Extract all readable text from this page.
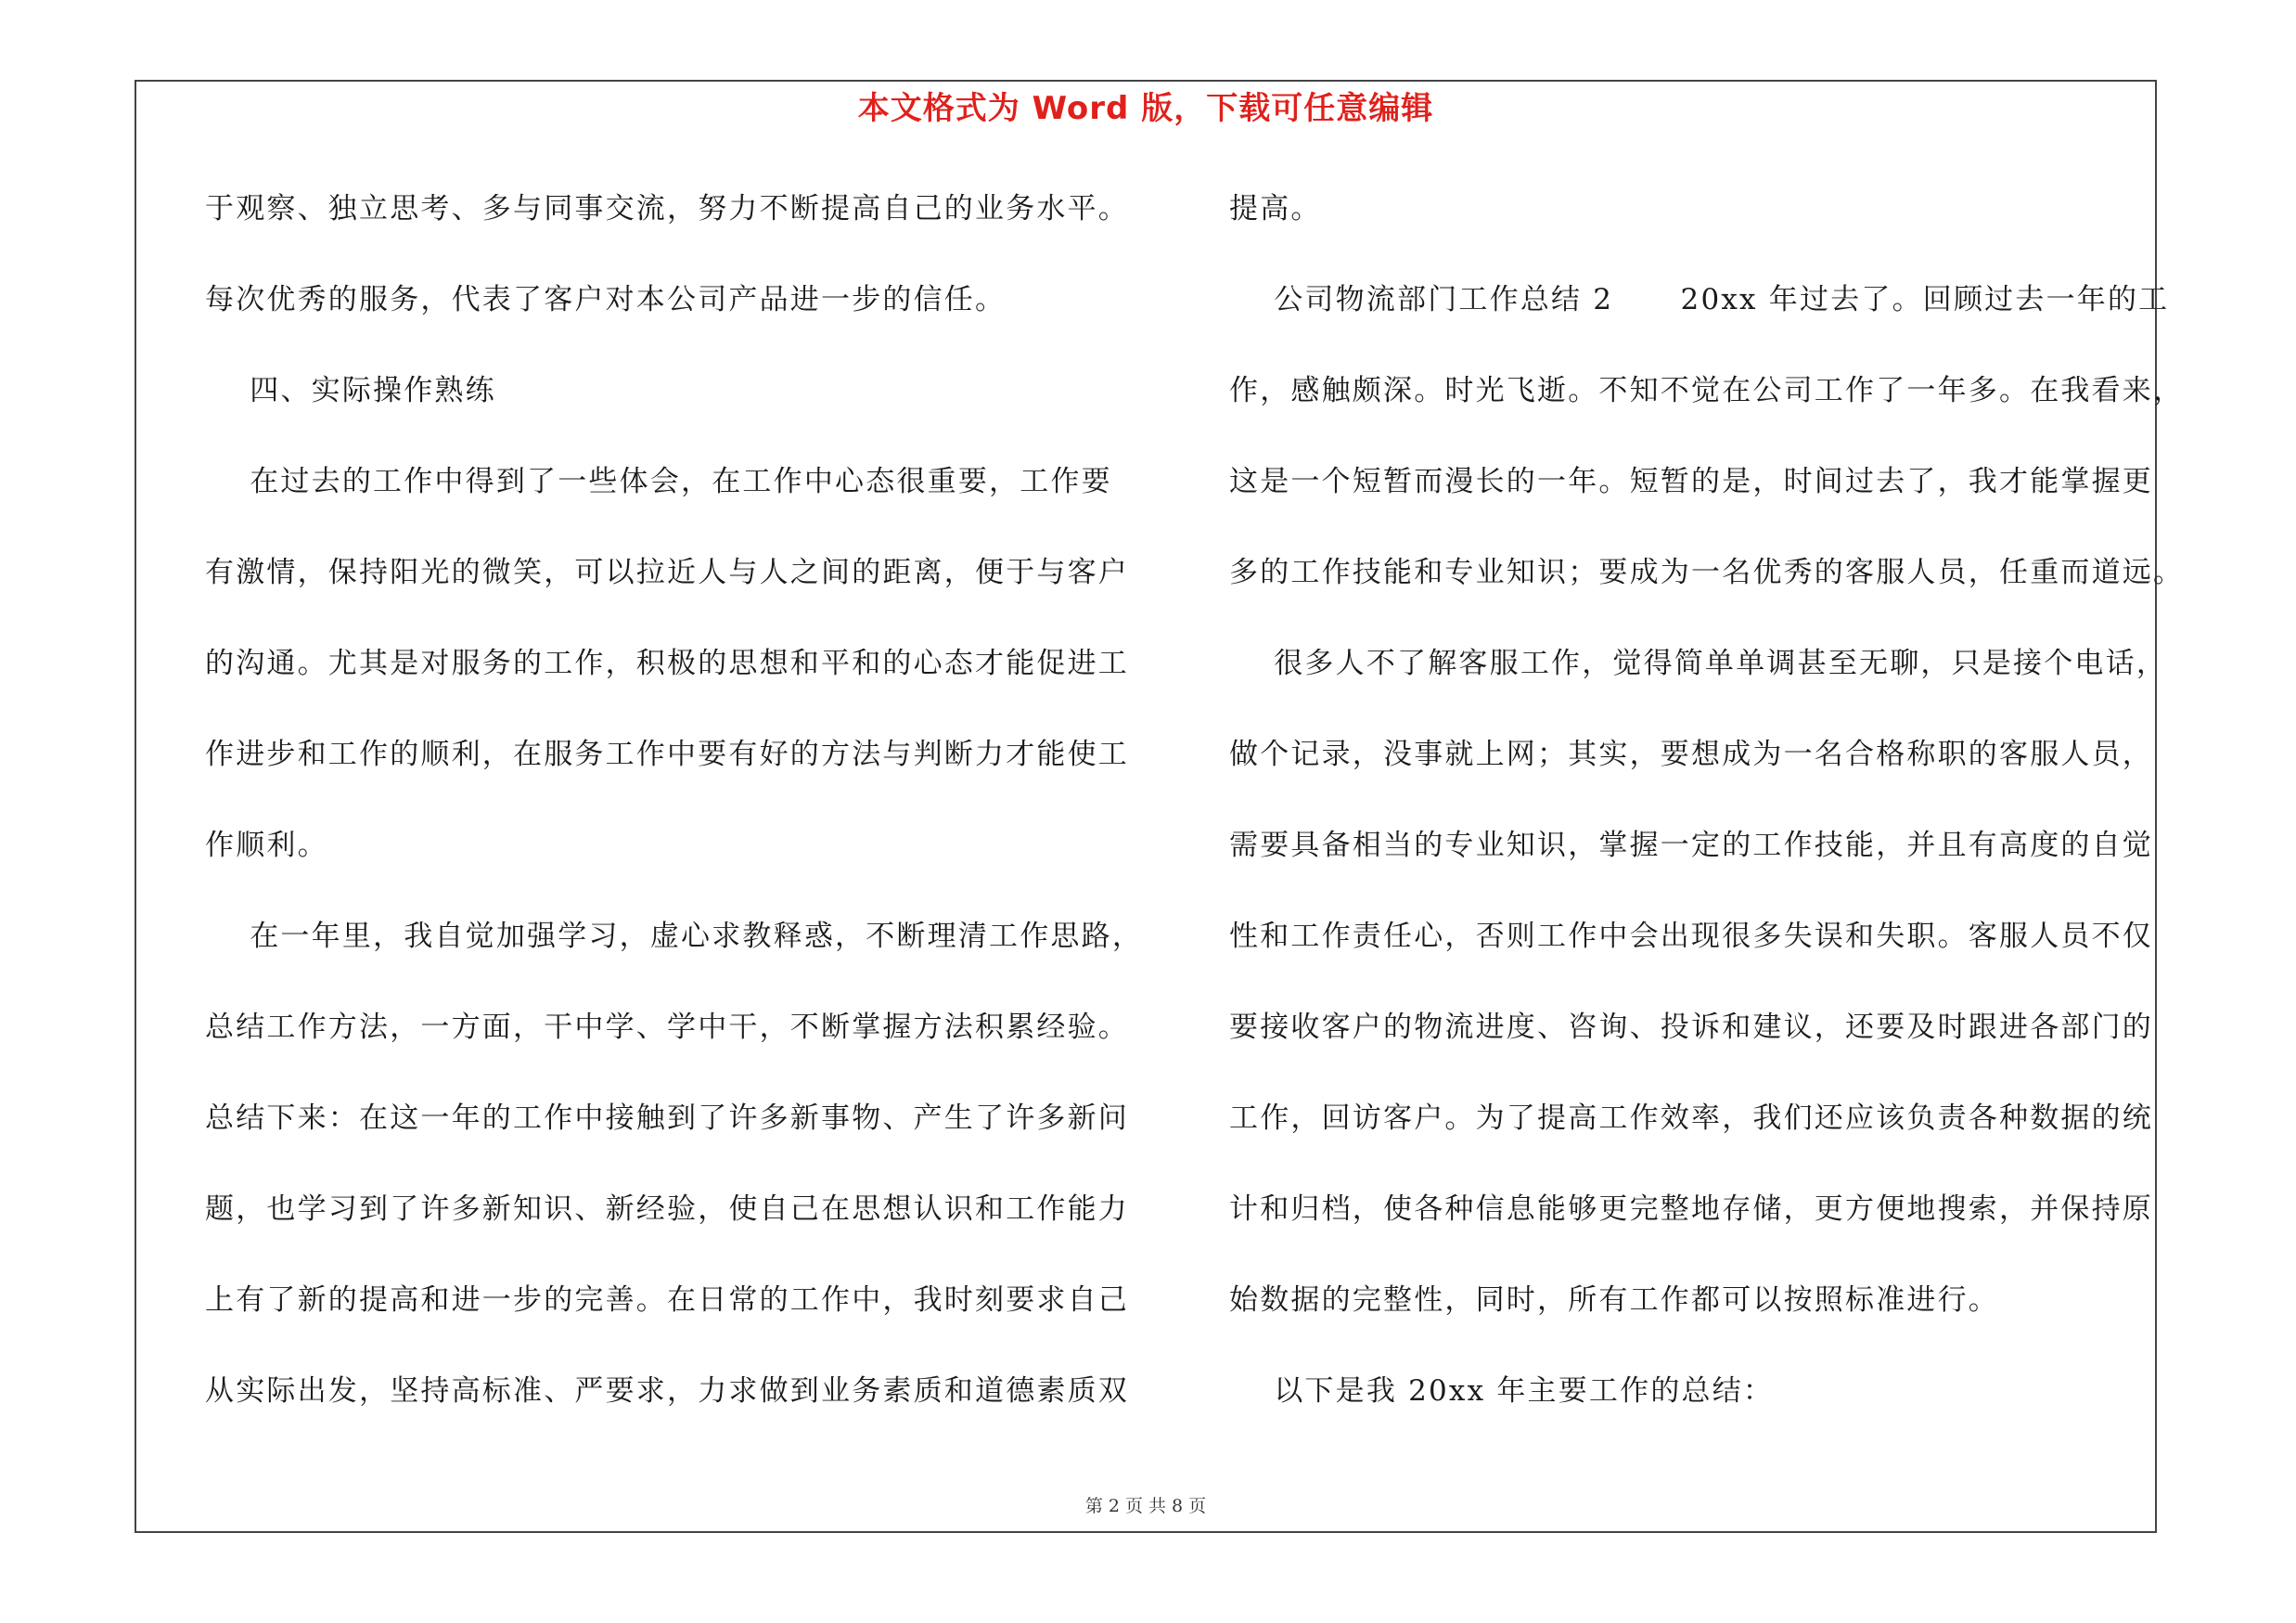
本文格式为 Word 版，下载可任意编辑
于观察、独立思考、多与同事交流，努力不断提高自己的业务水平。
每次优秀的服务，代表了客户对本公司产品进一步的信任。
四、实际操作熟练
在过去的工作中得到了一些体会，在工作中心态很重要，工作要
有激情，保持阳光的微笑，可以拉近人与人之间的距离，便于与客户
的沟通。尤其是对服务的工作，积极的思想和平和的心态才能促进工
作进步和工作的顺利，在服务工作中要有好的方法与判断力才能使工
作顺利。
在一年里，我自觉加强学习，虚心求教释惑，不断理清工作思路，
总结工作方法，一方面，干中学、学中干，不断掌握方法积累经验。
总结下来：在这一年的工作中接触到了许多新事物、产生了许多新问
题，也学习到了许多新知识、新经验，使自己在思想认识和工作能力
上有了新的提高和进一步的完善。在日常的工作中，我时刻要求自己
从实际出发，坚持高标准、严要求，力求做到业务素质和道德素质双
提高。
公司物流部门工作总结 2      20xx 年过去了。回顾过去一年的工
作，感触颇深。时光飞逝。不知不觉在公司工作了一年多。在我看来，
这是一个短暂而漫长的一年。短暂的是，时间过去了，我才能掌握更
多的工作技能和专业知识；要成为一名优秀的客服人员，任重而道远。
很多人不了解客服工作，觉得简单单调甚至无聊，只是接个电话，
做个记录，没事就上网；其实，要想成为一名合格称职的客服人员，
需要具备相当的专业知识，掌握一定的工作技能，并且有高度的自觉
性和工作责任心，否则工作中会出现很多失误和失职。客服人员不仅
要接收客户的物流进度、咨询、投诉和建议，还要及时跟进各部门的
工作，回访客户。为了提高工作效率，我们还应该负责各种数据的统
计和归档，使各种信息能够更完整地存储，更方便地搜索，并保持原
始数据的完整性，同时，所有工作都可以按照标准进行。
以下是我 20xx 年主要工作的总结：
第 2 页 共 8 页
